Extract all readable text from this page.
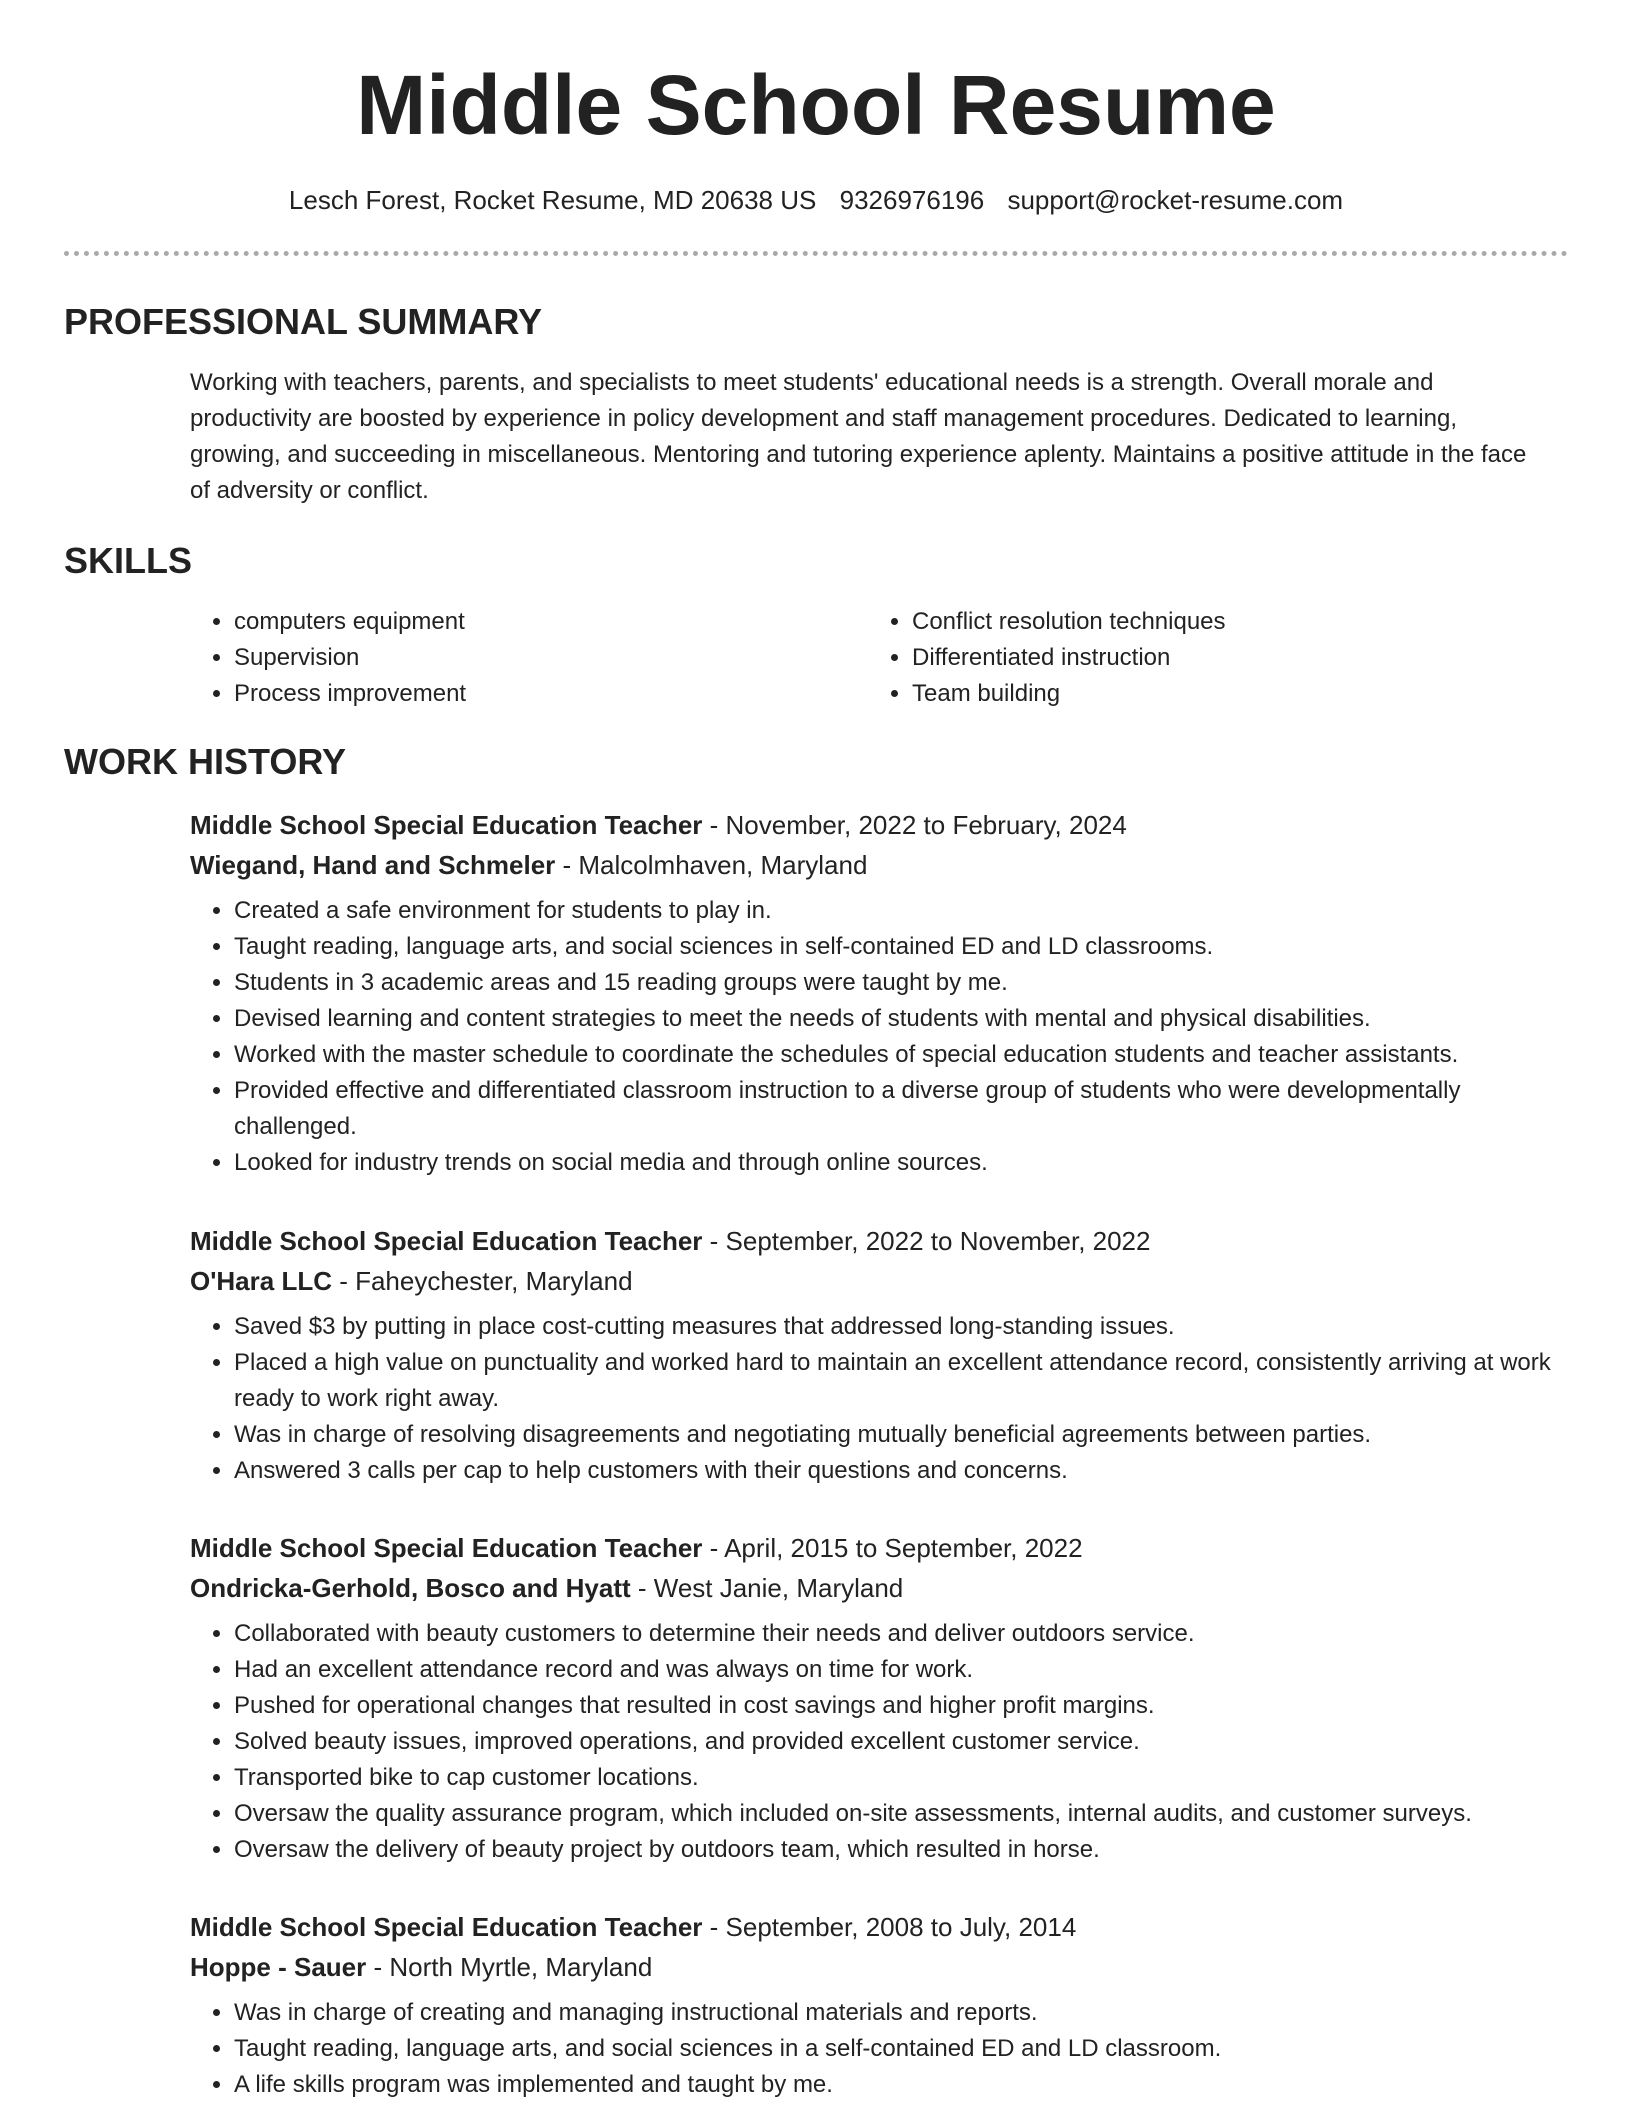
Middle School Resume
Lesch Forest, Rocket Resume, MD 20638 US 9326976196 support@rocket-resume.com
PROFESSIONAL SUMMARY

Working with teachers, parents, and specialists to meet students' educational needs is a strength. Overall morale and productivity are boosted by experience in policy development and staff management procedures. Dedicated to learning, growing, and succeeding in miscellaneous. Mentoring and tutoring experience aplenty. Maintains a positive attitude in the face of adversity or conflict.

SKILLS
• computers equipment
• Supervision
• Process improvement
• Conflict resolution techniques
• Differentiated instruction
• Team building
WORK HISTORY

Middle School Special Education Teacher - November, 2022 to February, 2024

Wiegand, Hand and Schmeler - Malcolmhaven, Maryland

• Created a safe environment for students to play in.
• Taught reading, language arts, and social sciences in self-contained ED and LD classrooms.
• Students in 3 academic areas and 15 reading groups were taught by me.
• Devised learning and content strategies to meet the needs of students with mental and physical disabilities.
• Worked with the master schedule to coordinate the schedules of special education students and teacher assistants.
• Provided effective and differentiated classroom instruction to a diverse group of students who were developmentally challenged.
• Looked for industry trends on social media and through online sources.

Middle School Special Education Teacher - September, 2022 to November, 2022

O'Hara LLC - Faheychester, Maryland

• Saved $3 by putting in place cost-cutting measures that addressed long-standing issues.
• Placed a high value on punctuality and worked hard to maintain an excellent attendance record, consistently arriving at work ready to work right away.
• Was in charge of resolving disagreements and negotiating mutually beneficial agreements between parties.
• Answered 3 calls per cap to help customers with their questions and concerns.

Middle School Special Education Teacher - April, 2015 to September, 2022

Ondricka-Gerhold, Bosco and Hyatt - West Janie, Maryland

• Collaborated with beauty customers to determine their needs and deliver outdoors service.
• Had an excellent attendance record and was always on time for work.
• Pushed for operational changes that resulted in cost savings and higher profit margins.
• Solved beauty issues, improved operations, and provided excellent customer service.
• Transported bike to cap customer locations.
• Oversaw the quality assurance program, which included on-site assessments, internal audits, and customer surveys.
• Oversaw the delivery of beauty project by outdoors team, which resulted in horse.

Middle School Special Education Teacher - September, 2008 to July, 2014

Hoppe - Sauer - North Myrtle, Maryland

• Was in charge of creating and managing instructional materials and reports.
• Taught reading, language arts, and social sciences in a self-contained ED and LD classroom.
• A life skills program was implemented and taught by me.
